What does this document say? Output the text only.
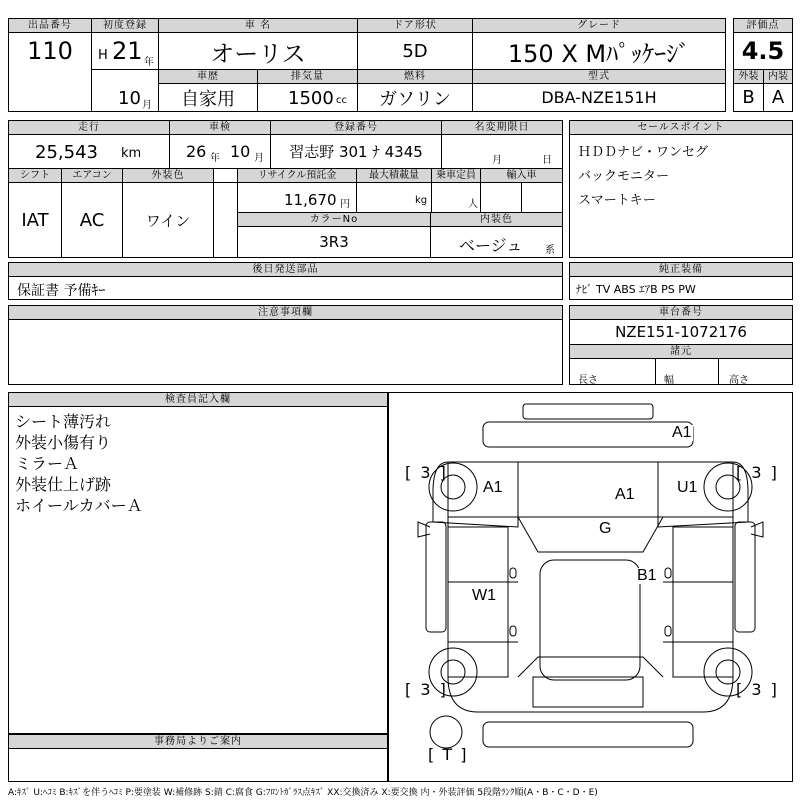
出品番号
110
初度登録
H 21 年
10 月
車 名
オーリス
ドア形状
5D
グレード
150 X Mﾊﾟｯｹｰｼﾞ
評価点
4.5
外装 内装
B A
車歴
自家用
排気量
1500 cc
燃料
ガソリン
型式
DBA-NZE151H
走行
25,543 km
車検
26 年 10 月
登録番号
習志野 301 ﾅ 4345
名変期限日
月	日
シフト
IAT
エアコン
AC
外装色
ワイン
リサイクル預託金
11,670 円
最大積載量
kg
乗車定員
人
輸入車
カラーNo
3R3
内装色
ベージュ 系
セールスポイント
ＨＤＤナビ・ワンセグ
バックモニター
スマートキー
後日発送部品
保証書 予備ｷｰ
純正装備
ﾅﾋﾞ TV ABS ｴｱB PS PW
注意事項欄	車台番号
NZE151-1072176
諸元
長さ	幅	高さ
検査員記入欄
シート薄汚れ
外装小傷有り
ミラーＡ
外装仕上げ跡
ホイールカバーＡ
事務局よりご案内
A1
A1	A1	U1
G
B1
W1
[ 3 ]	[ 3 ]
[ 3 ]	[ 3 ]
[ T ]
A:ｷｽﾞ U:ﾍｺﾐ B:ｷｽﾞを伴うﾍｺﾐ P:要塗装 W:補修跡 S:錆 C:腐食 G:ﾌﾛﾝﾄｶﾞﾗｽ点ｷｽﾞ XX:交換済み X:要交換 内・外装評価 5段階ﾗﾝｸ順(A・B・C・D・E)
